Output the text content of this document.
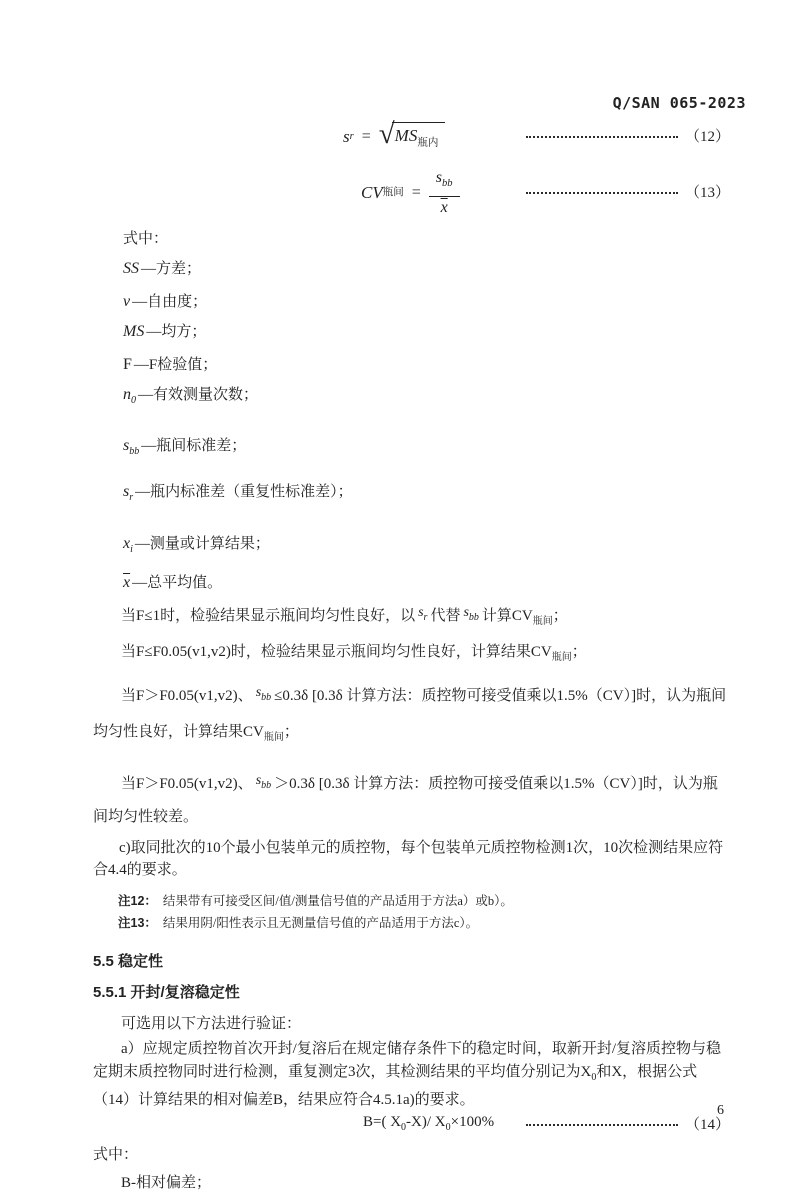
Q/SAN 065-2023
s r = √ $MS_{瓶内}$	（12）
CV 瓶间 = $\frac{s_{bb}}{x}$	（13）

式中：

SS —方差；

v —自由度；

MS —均方；

F —F检验值；

$n_0$ —有效测量次数；

$s_{bb}$ —瓶间标准差；

$s_r$ —瓶内标准差（重复性标准差）；

$x_i$ —测量或计算结果；

$\overline{x}$ —总平均值。

当F≤1时，检验结果显示瓶间均匀性良好，以 $s_r$ 代替 $s_{bb}$ 计算$CV_{瓶间}$；

当F≤F0.05(v1,v2)时，检验结果显示瓶间均匀性良好，计算结果$CV_{瓶间}$；

当F＞F0.05(v1,v2)、 $s_{bb} \le 0.3\delta$ [0.3δ 计算方法：质控物可接受值乘以1.5%（CV）]时，认为瓶间均匀性良好，计算结果$CV_{瓶间}$；

当F＞F0.05(v1,v2)、 $s_{bb} >0.3\delta$ [0.3δ 计算方法：质控物可接受值乘以1.5%（CV）]时，认为瓶间均匀性较差。

c)取同批次的10个最小包装单元的质控物，每个包装单元质控物检测1次，10次检测结果应符合4.4的要求。

注12： 结果带有可接受区间/值/测量信号值的产品适用于方法a）或b）。

注13： 结果用阴/阳性表示且无测量信号值的产品适用于方法c）。

5.5 稳定性
5.5.1 开封/复溶稳定性

可选用以下方法进行验证：

a）应规定质控物首次开封/复溶后在规定储存条件下的稳定时间，取新开封/复溶质控物与稳定期末质控物同时进行检测，重复测定3次，其检测结果的平均值分别记为$X_0$和X，根据公式（14）计算结果的相对偏差B，结果应符合4.5.1a)的要求。

B=( $X_0-X)/$ $X_0\times 100\%$	（14）

式中：

B-相对偏差；

6
